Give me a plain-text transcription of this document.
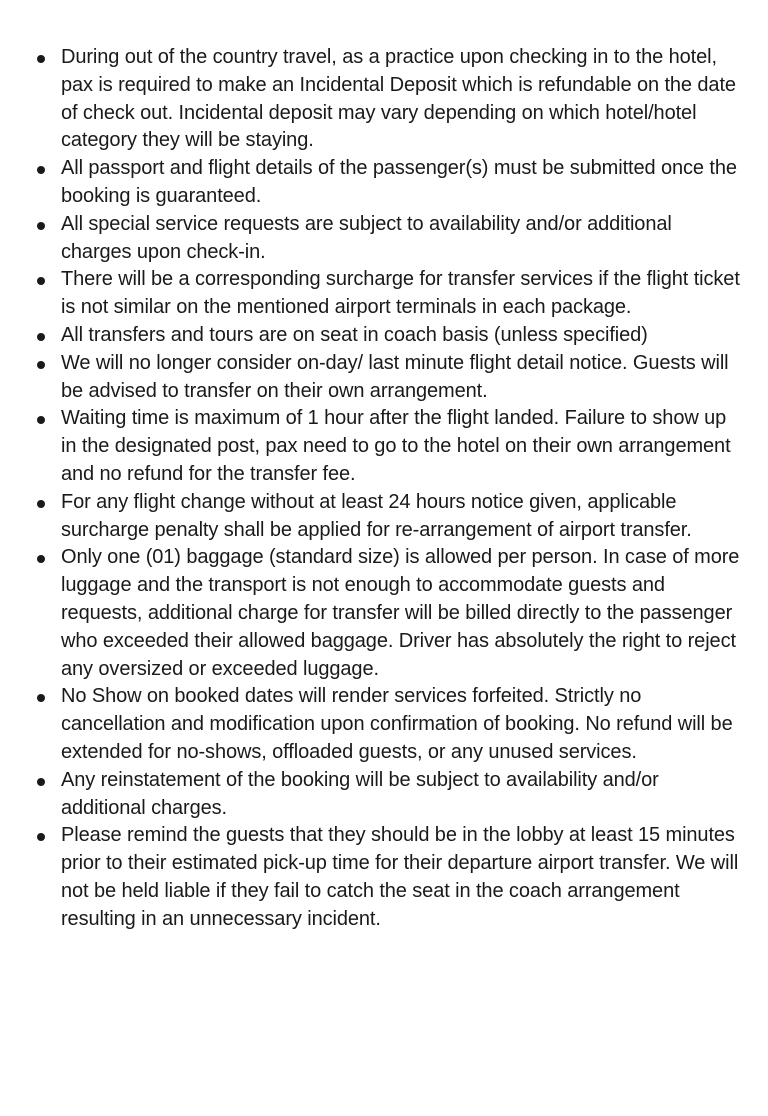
During out of the country travel, as a practice upon checking in to the hotel, pax is required to make an Incidental Deposit which is refundable on the date of check out. Incidental deposit may vary depending on which hotel/hotel category they will be staying.
All passport and flight details of the passenger(s) must be submitted once the booking is guaranteed.
All special service requests are subject to availability and/or additional charges upon check-in.
There will be a corresponding surcharge for transfer services if the flight ticket is not similar on the mentioned airport terminals in each package.
All transfers and tours are on seat in coach basis (unless specified)
We will no longer consider on-day/ last minute flight detail notice. Guests will be advised to transfer on their own arrangement.
Waiting time is maximum of 1 hour after the flight landed. Failure to show up in the designated post, pax need to go to the hotel on their own arrangement and no refund for the transfer fee.
For any flight change without at least 24 hours notice given, applicable surcharge penalty shall be applied for re-arrangement of airport transfer.
Only one (01) baggage (standard size) is allowed per person. In case of more luggage and the transport is not enough to accommodate guests and requests, additional charge for transfer will be billed directly to the passenger who exceeded their allowed baggage. Driver has absolutely the right to reject any oversized or exceeded luggage.
No Show on booked dates will render services forfeited. Strictly no cancellation and modification upon confirmation of booking. No refund will be extended for no-shows, offloaded guests, or any unused services.
Any reinstatement of the booking will be subject to availability and/or additional charges.
Please remind the guests that they should be in the lobby at least 15 minutes prior to their estimated pick-up time for their departure airport transfer. We will not be held liable if they fail to catch the seat in the coach arrangement resulting in an unnecessary incident.
